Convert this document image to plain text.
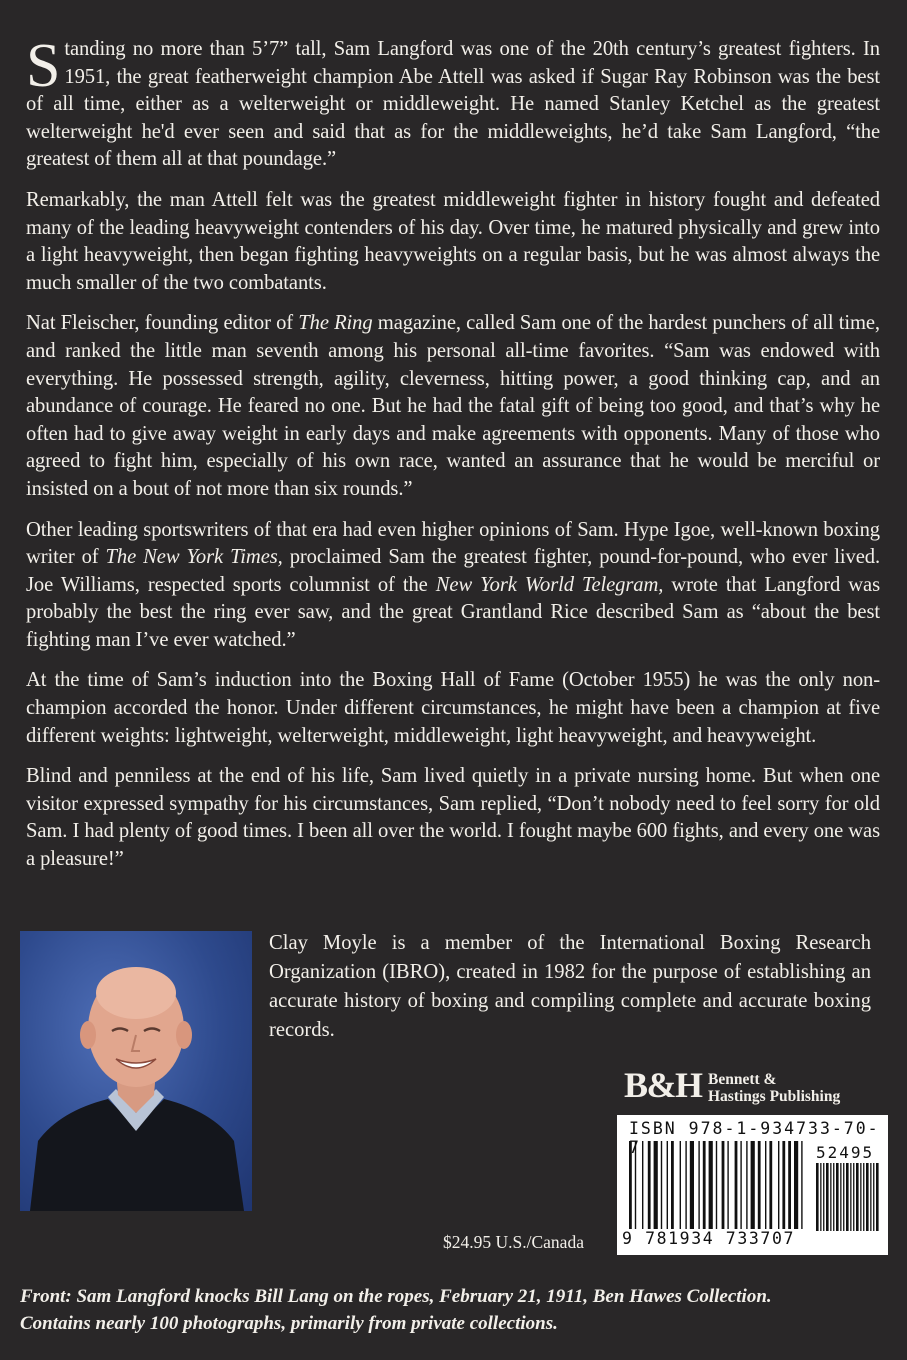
Standing no more than 5’7” tall, Sam Langford was one of the 20th century’s greatest fighters. In 1951, the great featherweight champion Abe Attell was asked if Sugar Ray Robinson was the best of all time, either as a welterweight or middleweight. He named Stanley Ketchel as the greatest welterweight he'd ever seen and said that as for the middleweights, he’d take Sam Langford, “the greatest of them all at that poundage.”

Remarkably, the man Attell felt was the greatest middleweight fighter in history fought and defeated many of the leading heavyweight contenders of his day. Over time, he matured physically and grew into a light heavyweight, then began fighting heavyweights on a regular basis, but he was almost always the much smaller of the two combatants.

Nat Fleischer, founding editor of The Ring magazine, called Sam one of the hardest punchers of all time, and ranked the little man seventh among his personal all-time favorites. “Sam was endowed with everything. He possessed strength, agility, cleverness, hitting power, a good thinking cap, and an abundance of courage. He feared no one. But he had the fatal gift of being too good, and that’s why he often had to give away weight in early days and make agreements with opponents. Many of those who agreed to fight him, especially of his own race, wanted an assurance that he would be merciful or insisted on a bout of not more than six rounds.”

Other leading sportswriters of that era had even higher opinions of Sam. Hype Igoe, well-known boxing writer of The New York Times, proclaimed Sam the greatest fighter, pound-for-pound, who ever lived. Joe Williams, respected sports columnist of the New York World Telegram, wrote that Langford was probably the best the ring ever saw, and the great Grantland Rice described Sam as “about the best fighting man I’ve ever watched.”

At the time of Sam’s induction into the Boxing Hall of Fame (October 1955) he was the only non-champion accorded the honor. Under different circumstances, he might have been a champion at five different weights: lightweight, welterweight, middleweight, light heavyweight, and heavyweight.

Blind and penniless at the end of his life, Sam lived quietly in a private nursing home. But when one visitor expressed sympathy for his circumstances, Sam replied, “Don’t nobody need to feel sorry for old Sam. I had plenty of good times. I been all over the world. I fought maybe 600 fights, and every one was a pleasure!”

Clay Moyle is a member of the International Boxing Research Organization (IBRO), created in 1982 for the purpose of establishing an accurate history of boxing and compiling complete and accurate boxing records.
B&H Bennett &
Hastings Publishing
ISBN 978-1-934733-70-7	52495
9 781934 733707
$24.95 U.S./Canada
Front: Sam Langford knocks Bill Lang on the ropes, February 21, 1911, Ben Hawes Collection.
Contains nearly 100 photographs, primarily from private collections.
